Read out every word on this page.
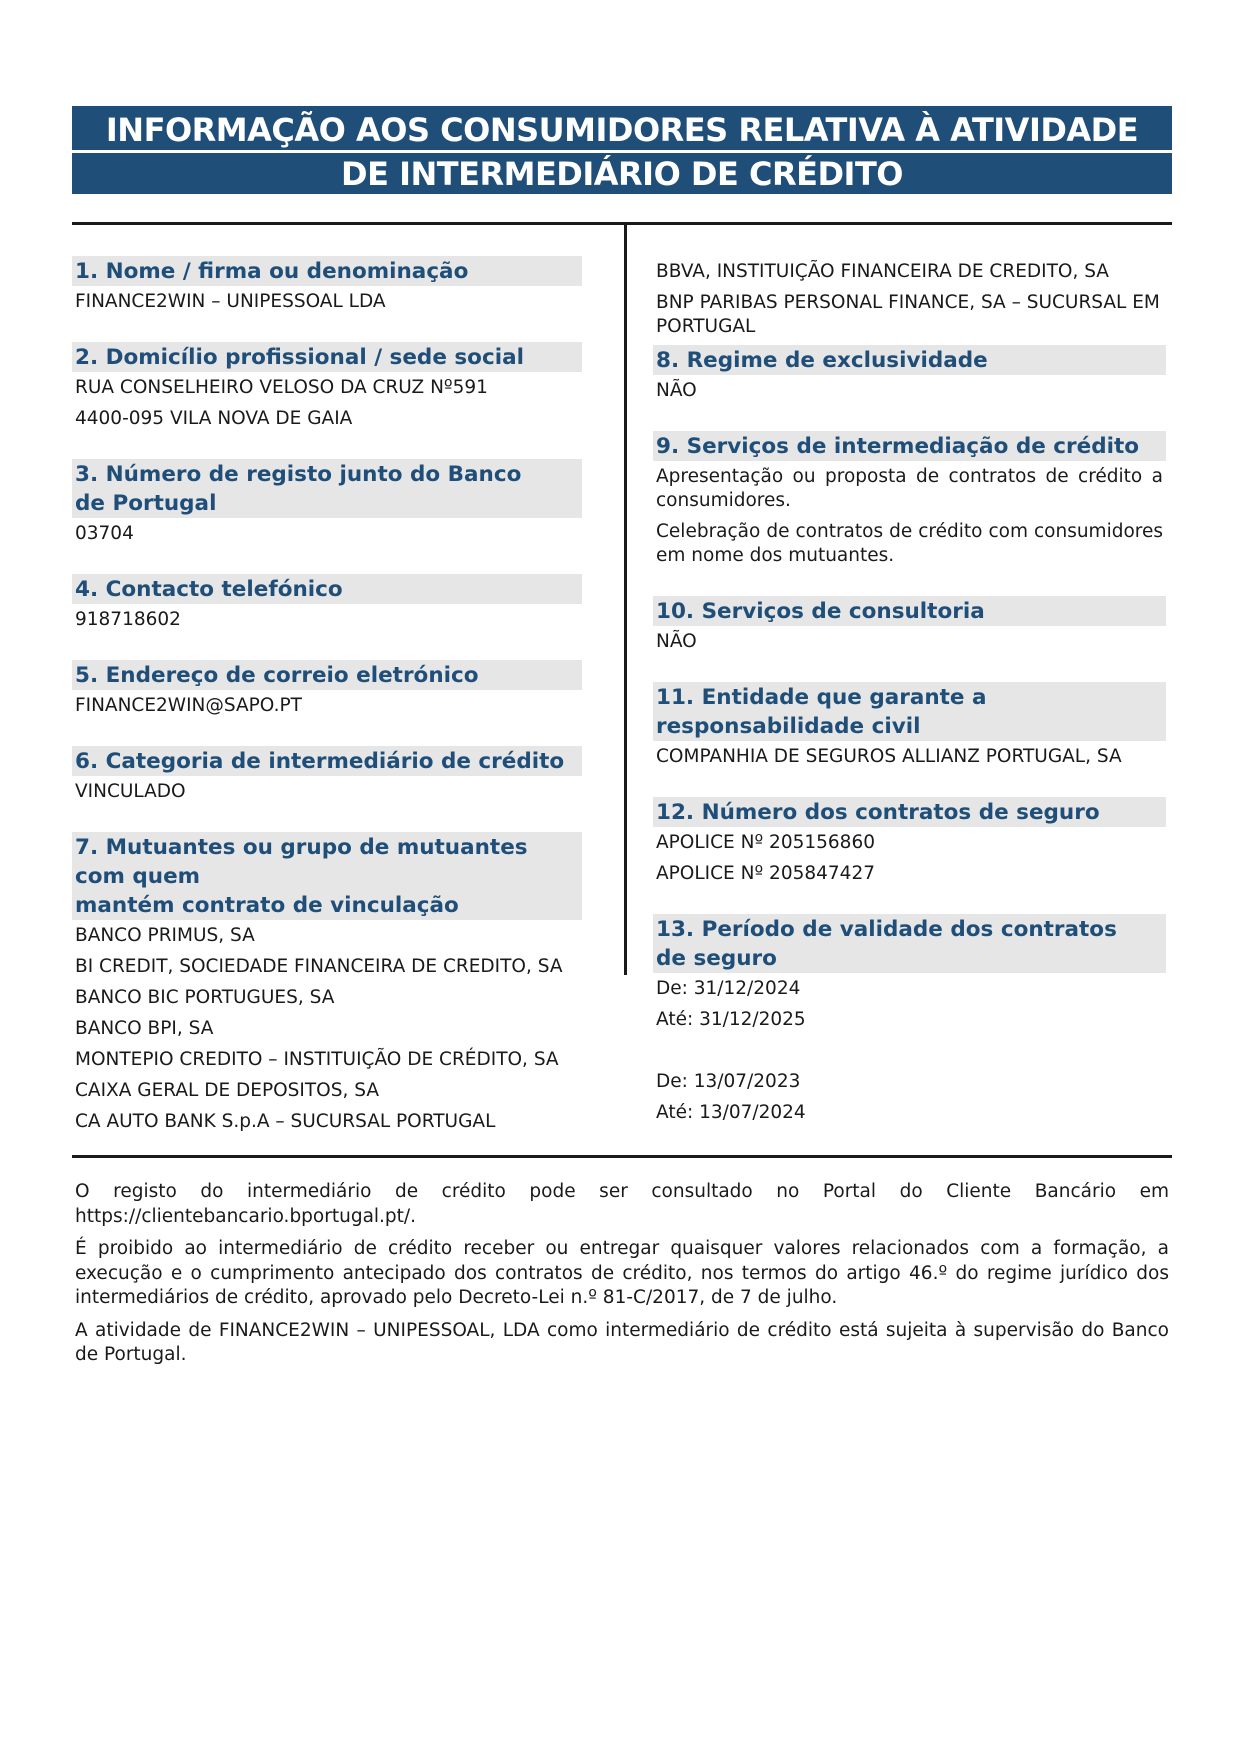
INFORMAÇÃO AOS CONSUMIDORES RELATIVA À ATIVIDADE
DE INTERMEDIÁRIO DE CRÉDITO
1. Nome / firma ou denominação
FINANCE2WIN – UNIPESSOAL LDA
2. Domicílio profissional / sede social
RUA CONSELHEIRO VELOSO DA CRUZ Nº591
4400-095 VILA NOVA DE GAIA
3. Número de registo junto do Banco
de Portugal
03704
4. Contacto telefónico
918718602
5. Endereço de correio eletrónico
FINANCE2WIN@SAPO.PT
6. Categoria de intermediário de crédito
VINCULADO
7. Mutuantes ou grupo de mutuantes com quem
mantém contrato de vinculação
BANCO PRIMUS, SA
BI CREDIT, SOCIEDADE FINANCEIRA DE CREDITO, SA
BANCO BIC PORTUGUES, SA
BANCO BPI, SA
MONTEPIO CREDITO – INSTITUIÇÃO DE CRÉDITO, SA
CAIXA GERAL DE DEPOSITOS, SA
CA AUTO BANK S.p.A – SUCURSAL PORTUGAL
BBVA, INSTITUIÇÃO FINANCEIRA DE CREDITO, SA
BNP PARIBAS PERSONAL FINANCE, SA – SUCURSAL EM PORTUGAL
8. Regime de exclusividade
NÃO
9. Serviços de intermediação de crédito
Apresentação ou proposta de contratos de crédito a consumidores.
Celebração de contratos de crédito com consumidores em nome dos mutuantes.
10. Serviços de consultoria
NÃO
11. Entidade que garante a responsabilidade civil
COMPANHIA DE SEGUROS ALLIANZ PORTUGAL, SA
12. Número dos contratos de seguro
APOLICE Nº 205156860
APOLICE Nº 205847427
13. Período de validade dos contratos
de seguro
De: 31/12/2024
Até: 31/12/2025
De: 13/07/2023
Até: 13/07/2024

O registo do intermediário de crédito pode ser consultado no Portal do Cliente Bancário em https://clientebancario.bportugal.pt/.

É proibido ao intermediário de crédito receber ou entregar quaisquer valores relacionados com a formação, a execução e o cumprimento antecipado dos contratos de crédito, nos termos do artigo 46.º do regime jurídico dos intermediários de crédito, aprovado pelo Decreto-Lei n.º 81-C/2017, de 7 de julho.

A atividade de FINANCE2WIN – UNIPESSOAL, LDA como intermediário de crédito está sujeita à supervisão do Banco de Portugal.
